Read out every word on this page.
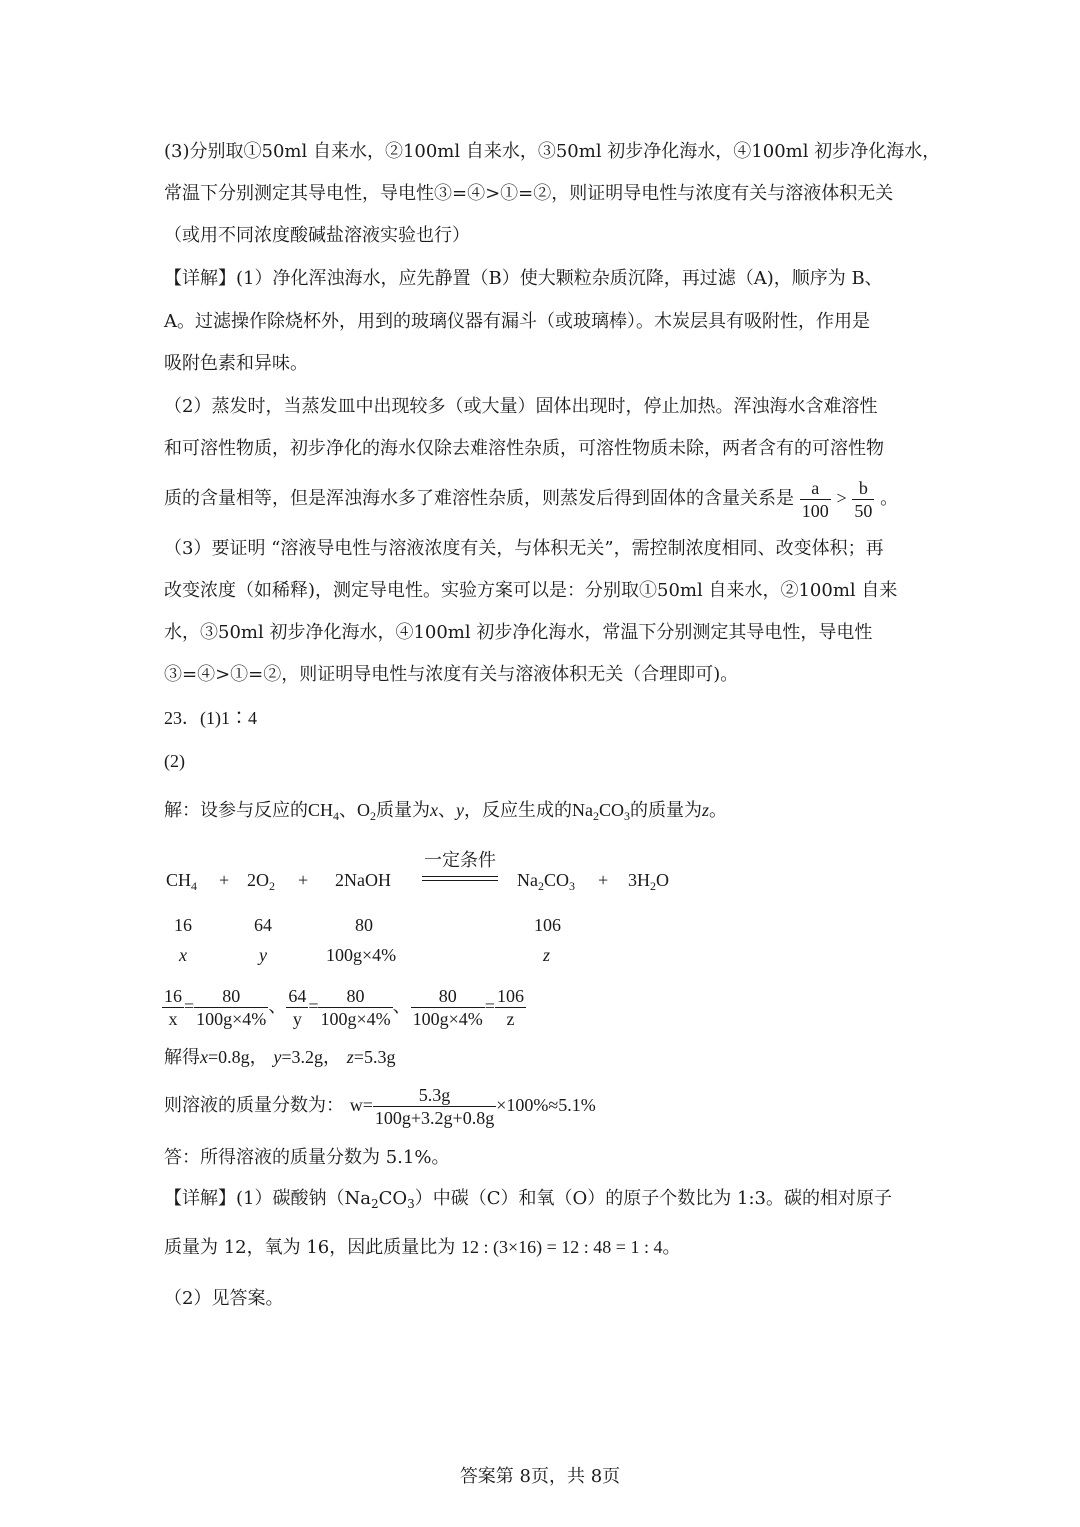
(3)分别取①50ml 自来水，②100ml 自来水，③50ml 初步净化海水，④100ml 初步净化海水，
常温下分别测定其导电性，导电性③=④>①=②，则证明导电性与浓度有关与溶液体积无关
（或用不同浓度酸碱盐溶液实验也行）
【详解】(1）净化浑浊海水，应先静置（B）使大颗粒杂质沉降，再过滤（A)，顺序为 B、
A。过滤操作除烧杯外，用到的玻璃仪器有漏斗（或玻璃棒）。木炭层具有吸附性，作用是
吸附色素和异味。
（2）蒸发时，当蒸发皿中出现较多（或大量）固体出现时，停止加热。浑浊海水含难溶性
和可溶性物质，初步净化的海水仅除去难溶性杂质，可溶性物质未除，两者含有的可溶性物
质的含量相等，但是浑浊海水多了难溶性杂质，则蒸发后得到固体的含量关系是 $\frac{a}{100} > \frac{b}{50}$ 。
（3）要证明 “溶液导电性与溶液浓度有关，与体积无关”，需控制浓度相同、改变体积；再
改变浓度（如稀释)，测定导电性。实验方案可以是：分别取①50ml 自来水，②100ml 自来
水，③50ml 初步净化海水，④100ml 初步净化海水，常温下分别测定其导电性，导电性
③=④>①=②，则证明导电性与浓度有关与溶液体积无关（合理即可)。
23．(1)1∶4
(2)
解：设参与反应的$CH_4$、$O_2$质量为x、y，反应生成的$Na_2CO_3$的质量为z。
$CH_4 + 2O_2$ + 2NaOH
一定条件
$Na_2CO_3 + 3H_2O$
16	64	80	106
x	y	100g×4%	z
$\frac{16}{x} = \frac{80}{100g\times 4\%}$ 、 $\frac{64}{y} = \frac{80}{100g\times 4\%}$ 、 $\frac{80}{100g\times 4\%} = \frac{106}{z}$
解得x=0.8g， y=3.2g， z=5.3g
则溶液的质量分数为： $w= \frac{5.3g}{100g+3.2g+0.8g} \times 100\%\approx 5.1\%$
答：所得溶液的质量分数为 5.1%。
【详解】(1）碳酸钠$(Na_2CO_3)$中碳（C）和氧（O）的原子个数比为 1:3。碳的相对原子
质量为 12，氧为 16，因此质量比为 12 : (3×16) = 12 : 48 = 1 : 4。
（2）见答案。
答案第 8页，共 8页
